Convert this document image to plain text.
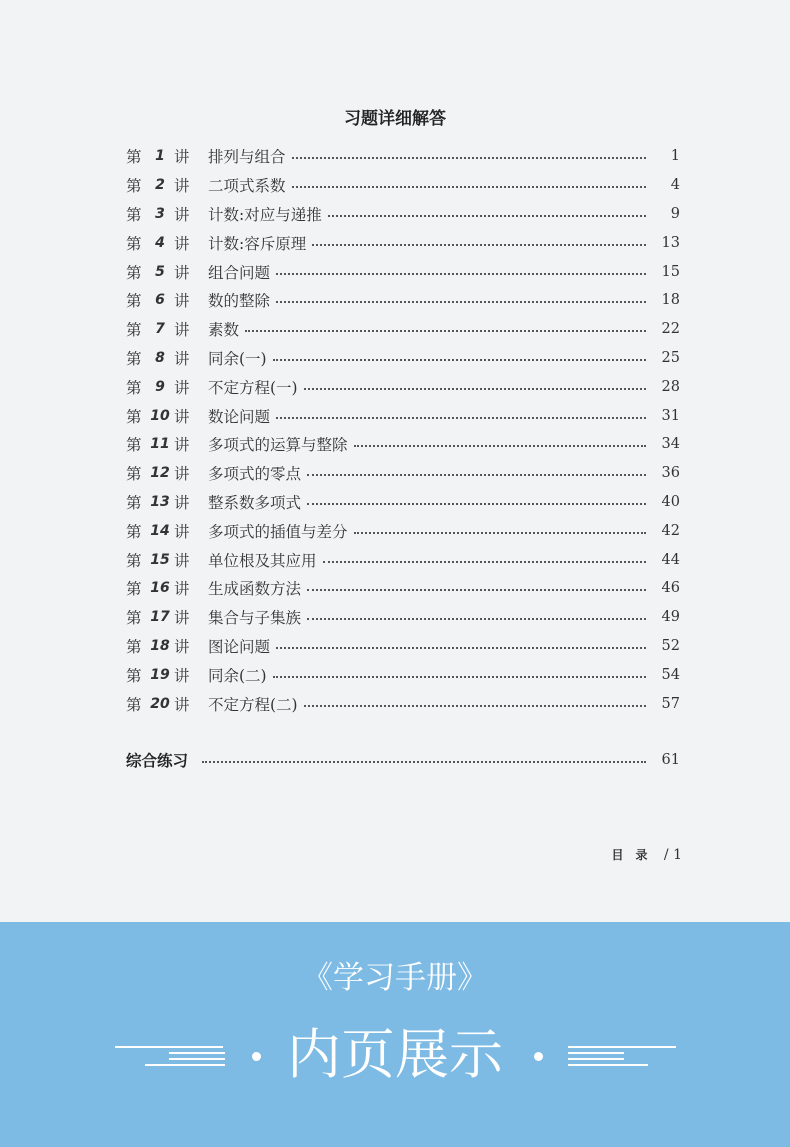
习题详细解答
第 1 讲	排列与组合	1
第 2 讲	二项式系数	4
第 3 讲	计数:对应与递推	9
第 4 讲	计数:容斥原理	13
第 5 讲	组合问题	15
第 6 讲	数的整除	18
第 7 讲	素数	22
第 8 讲	同余(一)	25
第 9 讲	不定方程(一)	28
第 10 讲	数论问题	31
第 11 讲	多项式的运算与整除	34
第 12 讲	多项式的零点	36
第 13 讲	整系数多项式	40
第 14 讲	多项式的插值与差分	42
第 15 讲	单位根及其应用	44
第 16 讲	生成函数方法	46
第 17 讲	集合与子集族	49
第 18 讲	图论问题	52
第 19 讲	同余(二)	54
第 20 讲	不定方程(二)	57
综合练习	61
目录 / 1
《学习手册》
内页展示
